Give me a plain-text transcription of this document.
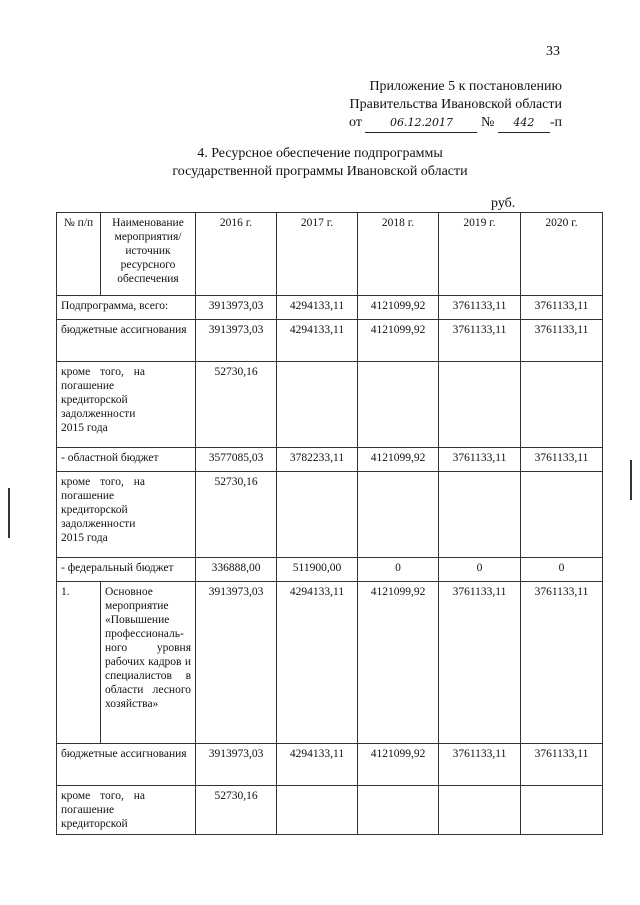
33
Приложение 5 к постановлению
Правительства Ивановской области
от	06.12.2017 № 442 -п
4. Ресурсное обеспечение подпрограммы
государственной программы Ивановской области
руб.
№ п/п	Наименование мероприятия/ источник ресурсного обеспечения	2016 г.	2017 г.	2018 г.	2019 г.	2020 г.
Подпрограмма, всего:		3913973,03	4294133,11	4121099,92	3761133,11	3761133,11
бюджетные ассигнования		3913973,03	4294133,11	4121099,92	3761133,11	3761133,11
кроме того, на погашение кредиторской задолженности 2015 года		52730,16				
- областной бюджет		3577085,03	3782233,11	4121099,92	3761133,11	3761133,11
кроме того, на погашение кредиторской задолженности 2015 года		52730,16				
- федеральный бюджет		336888,00	511900,00	0	0	0
1.	Основное мероприятие «Повышение профессиональ-ного уровня рабочих кадров и специалистов в области лесного хозяйства»	3913973,03	4294133,11	4121099,92	3761133,11	3761133,11
бюджетные ассигнования		3913973,03	4294133,11	4121099,92	3761133,11	3761133,11
кроме того, на погашение кредиторской		52730,16				
